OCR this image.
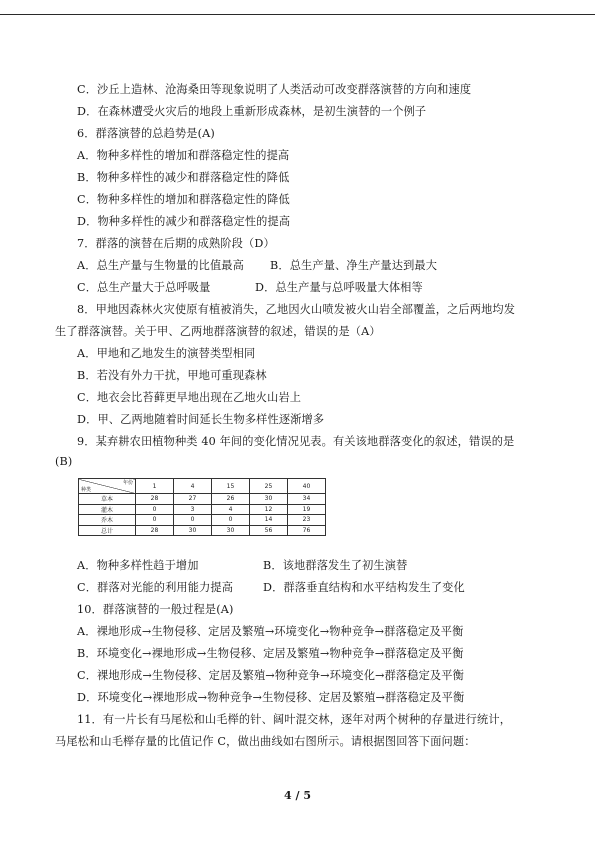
C．沙丘上造林、沧海桑田等现象说明了人类活动可改变群落演替的方向和速度
D．在森林遭受火灾后的地段上重新形成森林，是初生演替的一个例子
6．群落演替的总趋势是(A)
A．物种多样性的增加和群落稳定性的提高
B．物种多样性的减少和群落稳定性的降低
C．物种多样性的增加和群落稳定性的降低
D．物种多样性的减少和群落稳定性的提高
7．群落的演替在后期的成熟阶段（D）
A．总生产量与生物量的比值最高 B．总生产量、净生产量达到最大
C．总生产量大于总呼吸量	D．总生产量与总呼吸量大体相等
8．甲地因森林火灾使原有植被消失，乙地因火山喷发被火山岩全部覆盖，之后两地均发
生了群落演替。关于甲、乙两地群落演替的叙述，错误的是（A）
A．甲地和乙地发生的演替类型相同
B．若没有外力干扰，甲地可重现森林
C．地衣会比苔藓更早地出现在乙地火山岩上
D．甲、乙两地随着时间延长生物多样性逐渐增多
9．某弃耕农田植物种类 40 年间的变化情况见表。有关该地群落变化的叙述，错误的是
(B)
年份
种类	1	4	15	25	40
草本	28	27	26	30	34
灌木	0	3	4	12	19
乔木	0	0	0	14	23
总计	28	30	30	56	76
A．物种多样性趋于增加	B．该地群落发生了初生演替
C．群落对光能的利用能力提高	D．群落垂直结构和水平结构发生了变化
10．群落演替的一般过程是(A)
A．裸地形成→生物侵移、定居及繁殖→环境变化→物种竞争→群落稳定及平衡
B．环境变化→裸地形成→生物侵移、定居及繁殖→物种竞争→群落稳定及平衡
C．裸地形成→生物侵移、定居及繁殖→物种竞争→环境变化→群落稳定及平衡
D．环境变化→裸地形成→物种竞争→生物侵移、定居及繁殖→群落稳定及平衡
11．有一片长有马尾松和山毛榉的针、阔叶混交林，逐年对两个树种的存量进行统计，
马尾松和山毛榉存量的比值记作 C，做出曲线如右图所示。请根据图回答下面问题：
4 / 5
